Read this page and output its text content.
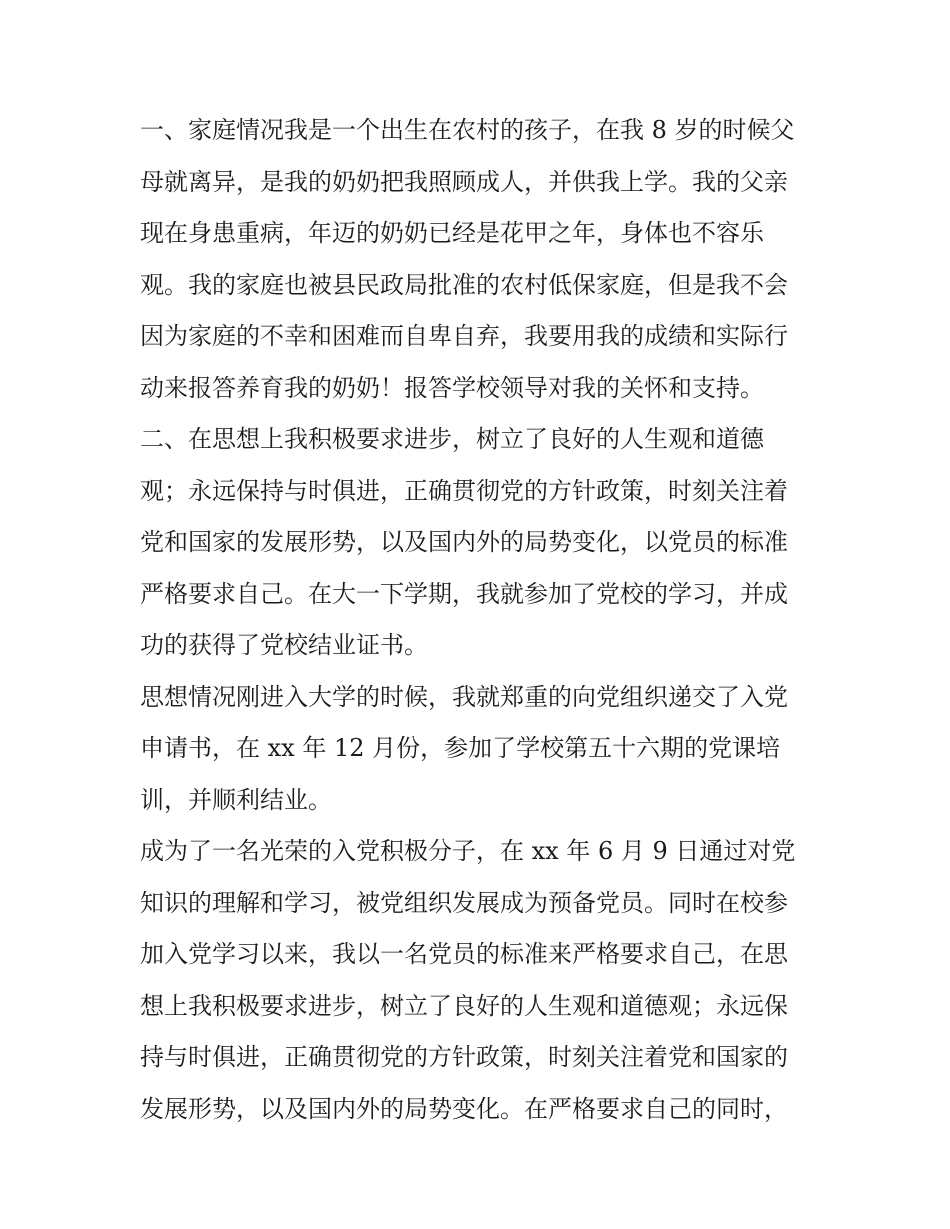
一、家庭情况我是一个出生在农村的孩子，在我 8 岁的时候父
母就离异，是我的奶奶把我照顾成人，并供我上学。我的父亲
现在身患重病，年迈的奶奶已经是花甲之年，身体也不容乐
观。我的家庭也被县民政局批准的农村低保家庭，但是我不会
因为家庭的不幸和困难而自卑自弃，我要用我的成绩和实际行
动来报答养育我的奶奶！报答学校领导对我的关怀和支持。
二、在思想上我积极要求进步，树立了良好的人生观和道德
观；永远保持与时俱进，正确贯彻党的方针政策，时刻关注着
党和国家的发展形势，以及国内外的局势变化，以党员的标准
严格要求自己。在大一下学期，我就参加了党校的学习，并成
功的获得了党校结业证书。
思想情况刚进入大学的时候，我就郑重的向党组织递交了入党
申请书，在 xx 年 12 月份，参加了学校第五十六期的党课培
训，并顺利结业。
成为了一名光荣的入党积极分子，在 xx 年 6 月 9 日通过对党
知识的理解和学习，被党组织发展成为预备党员。同时在校参
加入党学习以来，我以一名党员的标准来严格要求自己，在思
想上我积极要求进步，树立了良好的人生观和道德观；永远保
持与时俱进，正确贯彻党的方针政策，时刻关注着党和国家的
发展形势，以及国内外的局势变化。在严格要求自己的同时，
